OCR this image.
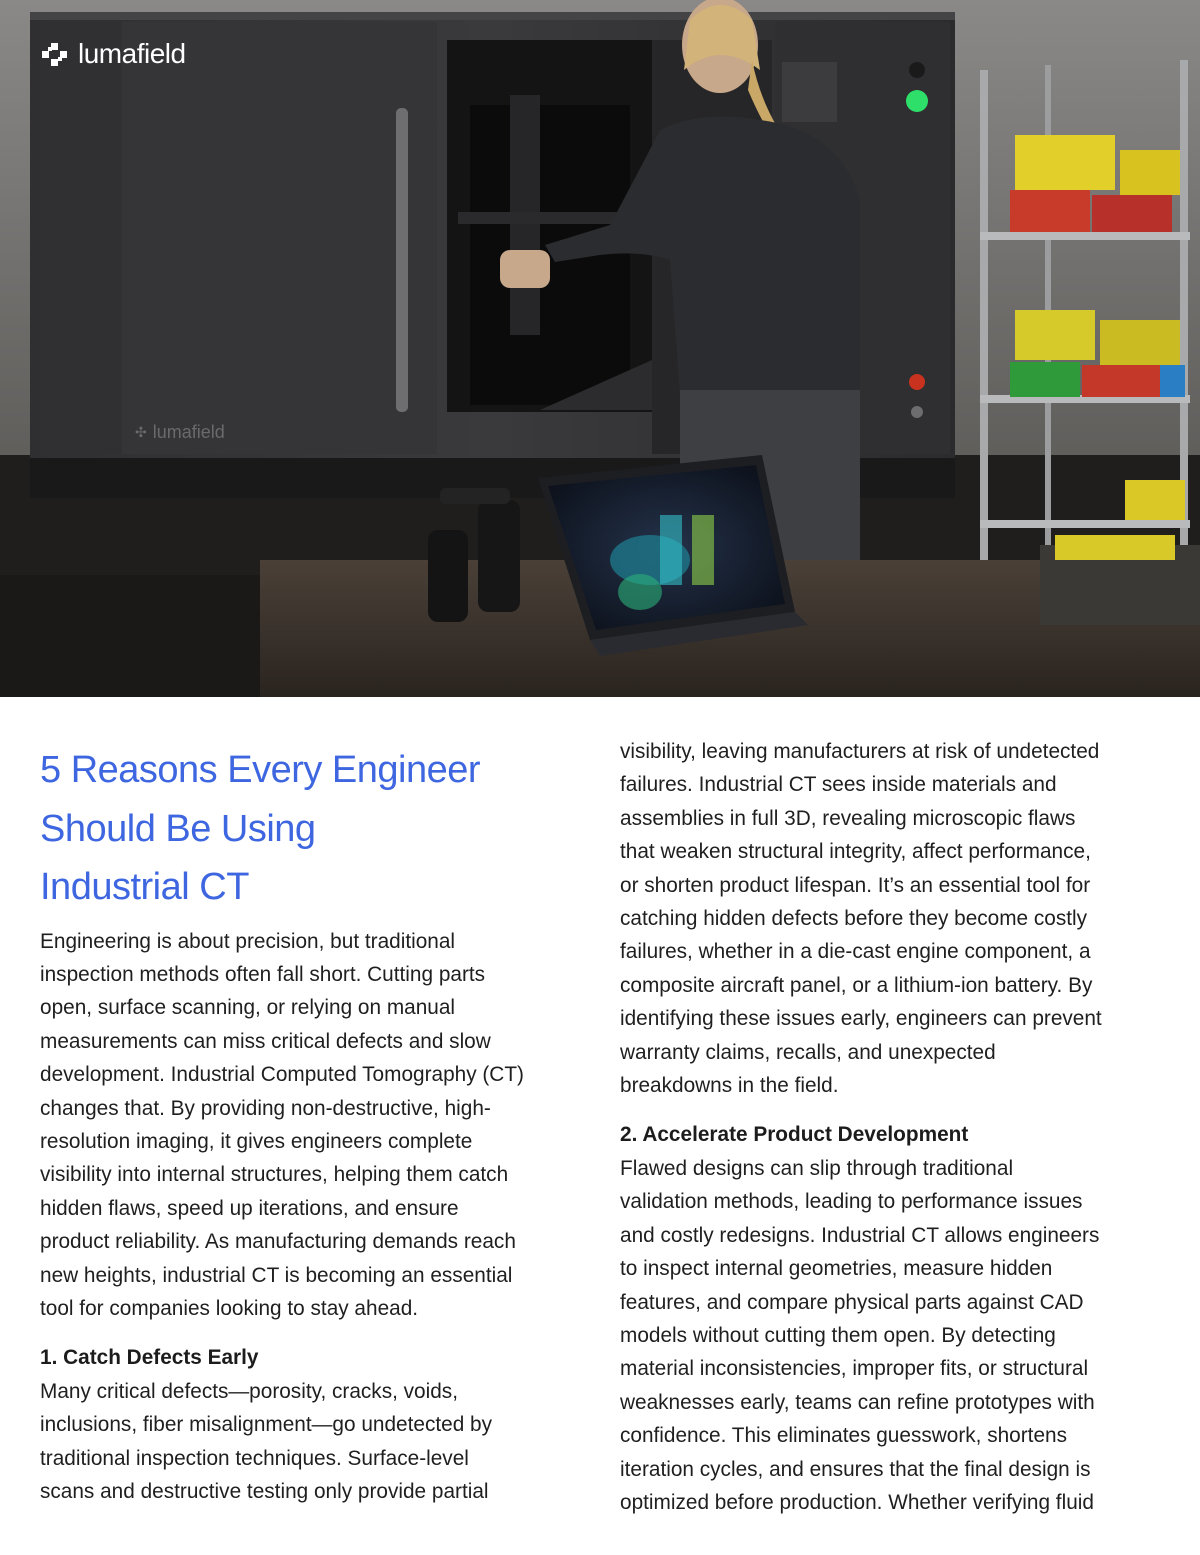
lumafield
✣ lumafield
5 Reasons Every Engineer
Should Be Using
Industrial CT

Engineering is about precision, but traditional
inspection methods often fall short. Cutting parts
open, surface scanning, or relying on manual
measurements can miss critical defects and slow
development. Industrial Computed Tomography (CT)
changes that. By providing non-destructive, high-
resolution imaging, it gives engineers complete
visibility into internal structures, helping them catch
hidden flaws, speed up iterations, and ensure
product reliability. As manufacturing demands reach
new heights, industrial CT is becoming an essential
tool for companies looking to stay ahead.

1. Catch Defects Early

Many critical defects—porosity, cracks, voids,
inclusions, fiber misalignment—go undetected by
traditional inspection techniques. Surface-level
scans and destructive testing only provide partial

visibility, leaving manufacturers at risk of undetected
failures. Industrial CT sees inside materials and
assemblies in full 3D, revealing microscopic flaws
that weaken structural integrity, affect performance,
or shorten product lifespan. It’s an essential tool for
catching hidden defects before they become costly
failures, whether in a die-cast engine component, a
composite aircraft panel, or a lithium-ion battery. By
identifying these issues early, engineers can prevent
warranty claims, recalls, and unexpected
breakdowns in the field.

2. Accelerate Product Development

Flawed designs can slip through traditional
validation methods, leading to performance issues
and costly redesigns. Industrial CT allows engineers
to inspect internal geometries, measure hidden
features, and compare physical parts against CAD
models without cutting them open. By detecting
material inconsistencies, improper fits, or structural
weaknesses early, teams can refine prototypes with
confidence. This eliminates guesswork, shortens
iteration cycles, and ensures that the final design is
optimized before production. Whether verifying fluid
